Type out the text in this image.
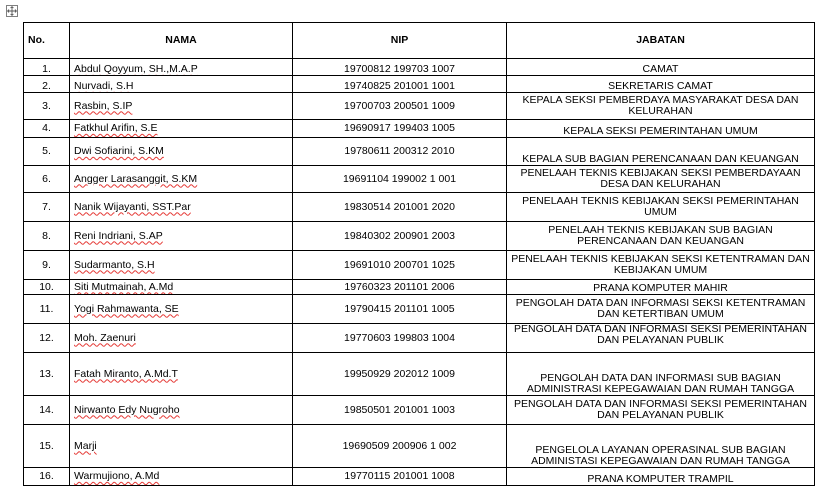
No.	NAMA	NIP	JABATAN
1.	Abdul Qoyyum, SH.,M.A.P	19700812 199703 1007	CAMAT
2.	Nurvadi, S.H	19740825 201001 1001	SEKRETARIS CAMAT
3.	Rasbin, S.IP	19700703 200501 1009	KEPALA SEKSI PEMBERDAYA MASYARAKAT DESA DAN KELURAHAN
4.	Fatkhul Arifin, S.E	19690917 199403 1005	KEPALA SEKSI PEMERINTAHAN UMUM
5.	Dwi Sofiarini, S.KM	19780611 200312 2010	KEPALA SUB BAGIAN PERENCANAAN DAN KEUANGAN
6.	Angger Larasanggit, S.KM	19691104 199002 1 001	PENELAAH TEKNIS KEBIJAKAN SEKSI PEMBERDAYAAN DESA DAN KELURAHAN
7.	Nanik Wijayanti, SST.Par	19830514 201001 2020	PENELAAH TEKNIS KEBIJAKAN SEKSI PEMERINTAHAN UMUM
8.	Reni Indriani, S.AP	19840302 200901 2003	PENELAAH TEKNIS KEBIJAKAN SUB BAGIAN PERENCANAAN DAN KEUANGAN
9.	Sudarmanto, S.H	19691010 200701 1025	PENELAAH TEKNIS KEBIJAKAN SEKSI KETENTRAMAN DAN KEBIJAKAN UMUM
10.	Siti Mutmainah, A.Md	19760323 201101 2006	PRANA KOMPUTER MAHIR
11.	Yogi Rahmawanta, SE	19790415 201101 1005	PENGOLAH DATA DAN INFORMASI SEKSI KETENTRAMAN DAN KETERTIBAN UMUM
12.	Moh. Zaenuri	19770603 199803 1004	PENGOLAH DATA DAN INFORMASI SEKSI PEMERINTAHAN DAN PELAYANAN PUBLIK
13.	Fatah Miranto, A.Md.T	19950929 202012 1009	PENGOLAH DATA DAN INFORMASI SUB BAGIAN ADMINISTRASI KEPEGAWAIAN DAN RUMAH TANGGA
14.	Nirwanto Edy Nugroho	19850501 201001 1003	PENGOLAH DATA DAN INFORMASI SEKSI PEMERINTAHAN DAN PELAYANAN PUBLIK
15.	Marji	19690509 200906 1 002	PENGELOLA LAYANAN OPERASINAL SUB BAGIAN ADMINISTASI KEPEGAWAIAN DAN RUMAH TANGGA
16.	Warmujiono, A.Md	19770115 201001 1008	PRANA KOMPUTER TRAMPIL
